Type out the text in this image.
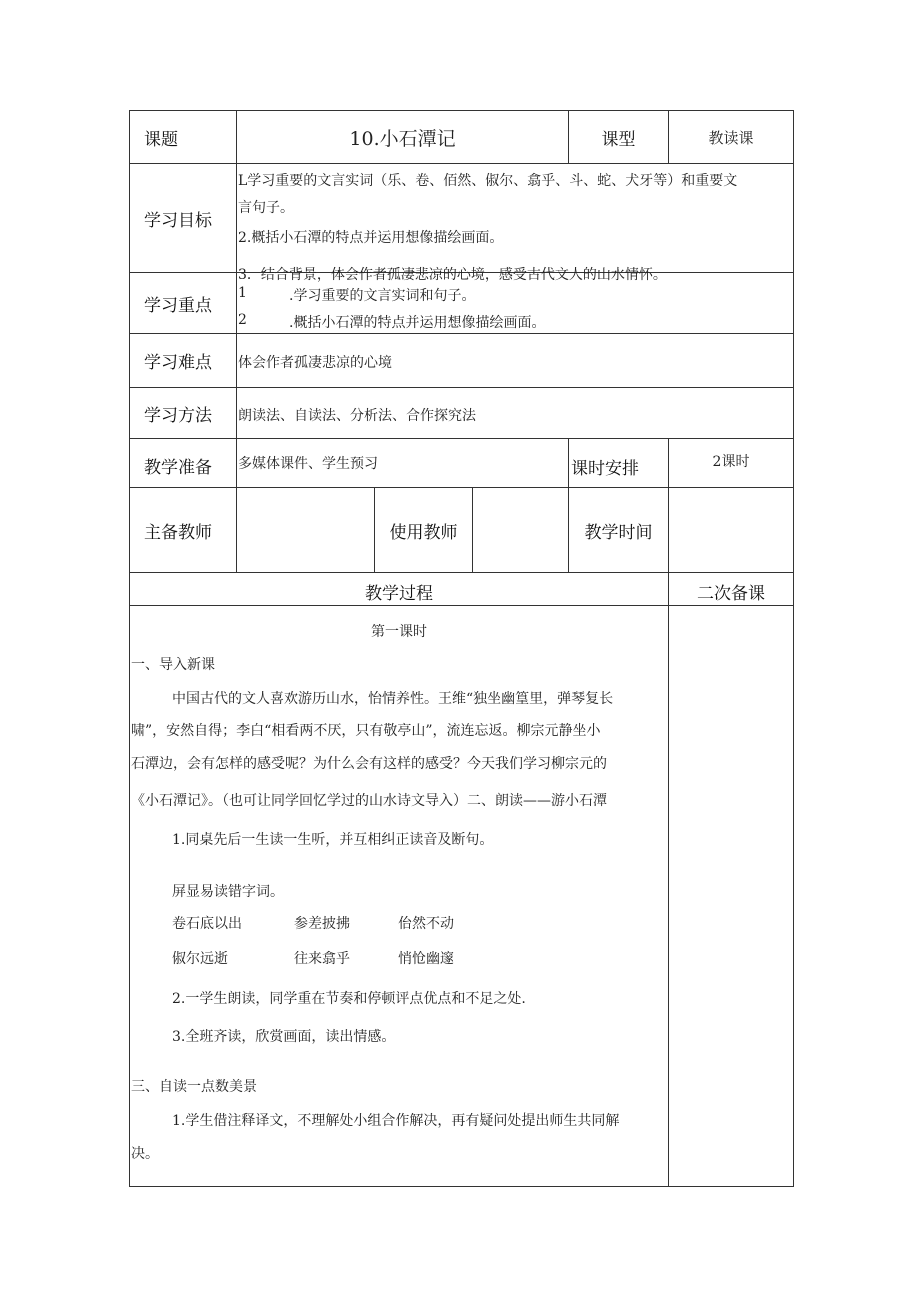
课题	10.小石潭记	课型	教读课
学习目标
L学习重要的文言实词（乐、卷、佰然、俶尔、翕乎、斗、蛇、犬牙等）和重要文
言句子。
2.概括小石潭的特点并运用想像描绘画面。
3．结合背景，体会作者孤凄悲凉的心境，感受古代文人的山水情怀。
学习重点
1	.学习重要的文言实词和句子。
2	.概括小石潭的特点并运用想像描绘画面。
学习难点	体会作者孤凄悲凉的心境
学习方法	朗读法、自读法、分析法、合作探究法
教学准备	多媒体课件、学生预习	课时安排	2课时
主备教师	使用教师	教学时间
教学过程	二次备课
第一课时
一、导入新课
中国古代的文人喜欢游历山水，怡情养性。王维“独坐幽篁里，弹琴复长
啸”，安然自得；李白“相看两不厌，只有敬亭山”，流连忘返。柳宗元静坐小
石潭边，会有怎样的感受呢？为什么会有这样的感受？今天我们学习柳宗元的
《小石潭记》。（也可让同学回忆学过的山水诗文导入）二、朗读——游小石潭
1.同桌先后一生读一生听，并互相纠正读音及断句。
屏显易读错字词。
卷石底以出	参差披拂	佁然不动
俶尔远逝	往来翕乎	悄怆幽邃
2.一学生朗读，同学重在节奏和停顿评点优点和不足之处.
3.全班齐读，欣赏画面，读出情感。
三、自读一点数美景
1.学生借注释译文，不理解处小组合作解决，再有疑问处提出师生共同解
决。
